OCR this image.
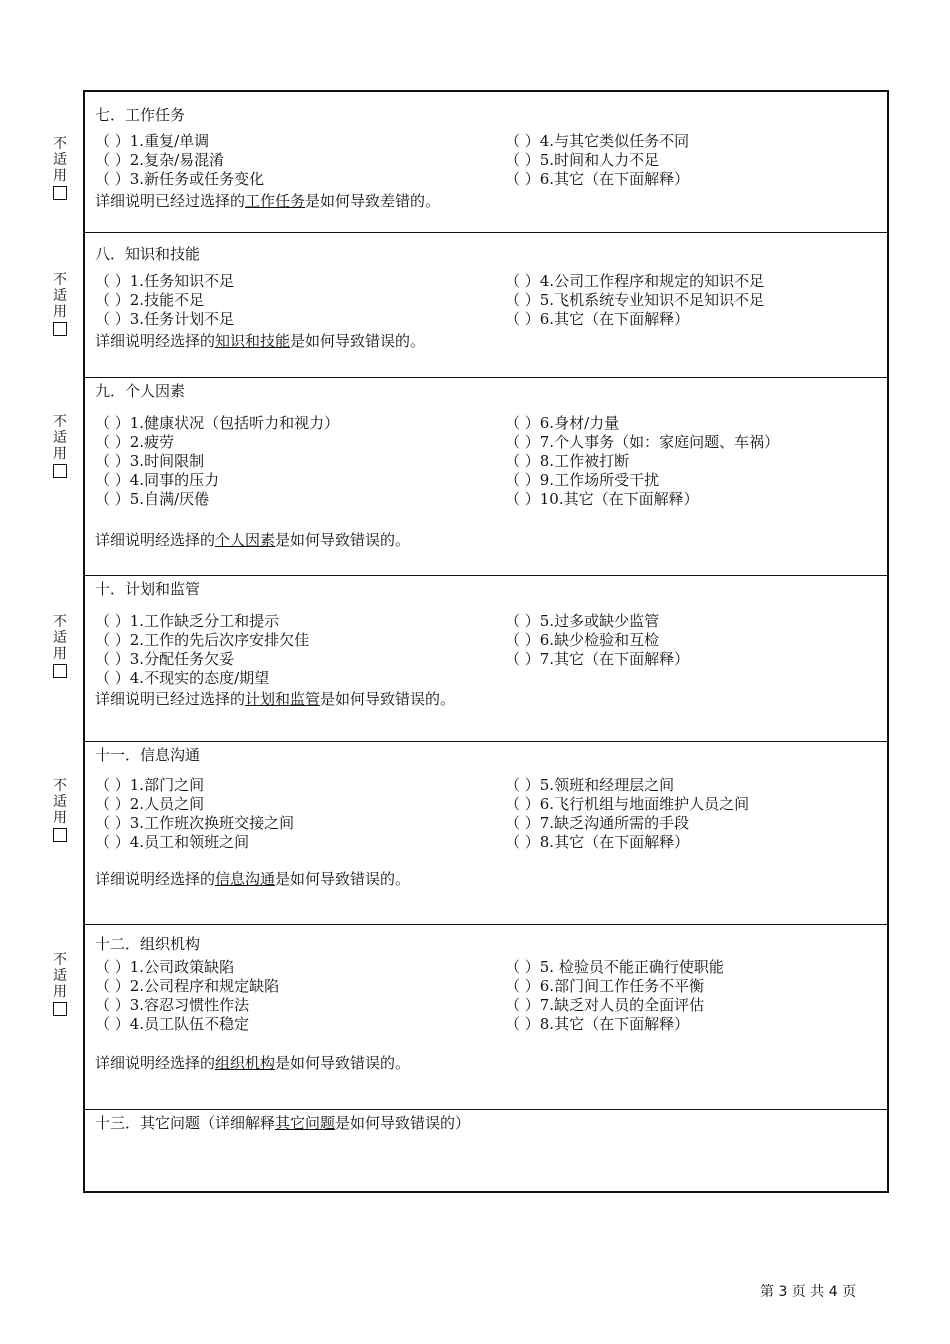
不
适
用
不
适
用
不
适
用
不
适
用
不
适
用
不
适
用
七．工作任务
（ ）1.重复/单调
（ ）2.复杂/易混淆
（ ）3.新任务或任务变化
（ ）4.与其它类似任务不同
（ ）5.时间和人力不足
（ ）6.其它（在下面解释）
详细说明已经过选择的工作任务是如何导致差错的。
八．知识和技能
（ ）1.任务知识不足
（ ）2.技能不足
（ ）3.任务计划不足
（ ）4.公司工作程序和规定的知识不足
（ ）5.飞机系统专业知识不足知识不足
（ ）6.其它（在下面解释）
详细说明经选择的知识和技能是如何导致错误的。
九．个人因素
（ ）1.健康状况（包括听力和视力）
（ ）2.疲劳
（ ）3.时间限制
（ ）4.同事的压力
（ ）5.自满/厌倦
（ ）6.身材/力量
（ ）7.个人事务（如：家庭问题、车祸）
（ ）8.工作被打断
（ ）9.工作场所受干扰
（ ）10.其它（在下面解释）
详细说明经选择的个人因素是如何导致错误的。
十．计划和监管
（ ）1.工作缺乏分工和提示
（ ）2.工作的先后次序安排欠佳
（ ）3.分配任务欠妥
（ ）4.不现实的态度/期望
（ ）5.过多或缺少监管
（ ）6.缺少检验和互检
（ ）7.其它（在下面解释）
详细说明已经过选择的计划和监管是如何导致错误的。
十一．信息沟通
（ ）1.部门之间
（ ）2.人员之间
（ ）3.工作班次换班交接之间
（ ）4.员工和领班之间
（ ）5.领班和经理层之间
（ ）6.飞行机组与地面维护人员之间
（ ）7.缺乏沟通所需的手段
（ ）8.其它（在下面解释）
详细说明经选择的信息沟通是如何导致错误的。
十二．组织机构
（ ）1.公司政策缺陷
（ ）2.公司程序和规定缺陷
（ ）3.容忍习惯性作法
（ ）4.员工队伍不稳定
（ ）5. 检验员不能正确行使职能
（ ）6.部门间工作任务不平衡
（ ）7.缺乏对人员的全面评估
（ ）8.其它（在下面解释）
详细说明经选择的组织机构是如何导致错误的。
十三．其它问题（详细解释其它问题是如何导致错误的）
第 3 页 共 4 页
